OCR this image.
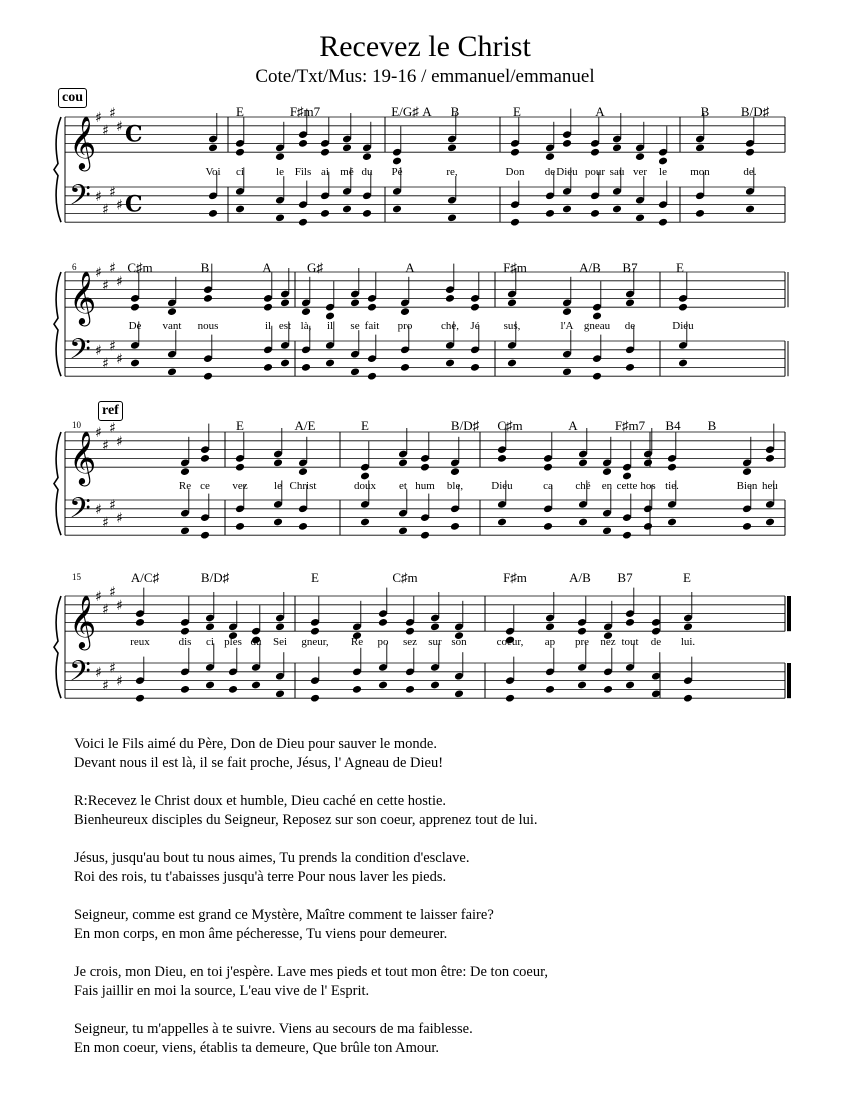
Recevez le Christ
Cote/Txt/Mus: 19-16 / emmanuel/emmanuel
𝄞
♯
♯
♯
♯ C
𝄢 ♯
♯
♯
♯ C
𝄞
♯
♯
♯
♯
𝄢 ♯
♯
♯
♯
𝄞
♯
♯
♯
♯
𝄢 ♯
♯
♯
♯
𝄞
♯
♯
♯
♯
𝄢 ♯
♯
♯
♯
E	F♯m7	E/G♯ A B	E	A	B B/D♯
Voi ci	le Fils ai mé du Pè	re,	Don de Dieu pour sau ver le mon	de.
C♯m	B	A	G♯	A	F♯m	A/B B7	E
De vant nous	il est là, il se fait pro	che, Jé sus,	l'A gneau de	Dieu
6
E	A/E	E	B/D♯ C♯m	A	F♯m7 B4 B
Re ce vez le Christ	doux et hum ble,	Dieu	ca ché en cette hos tie.	Bien heu
10
A/C♯	B/D♯	E	C♯m	F♯m	A/B B7	E
reux	dis ci ples du Sei gneur, Re po sez sur son	coeur, ap pre nez tout de lui.
15
cou
ref
Voici le Fils aimé du Père, Don de Dieu pour sauver le monde.
Devant nous il est là, il se fait proche, Jésus, l' Agneau de Dieu!
R:Recevez le Christ doux et humble, Dieu caché en cette hostie.
Bienheureux disciples du Seigneur, Reposez sur son coeur, apprenez tout de lui.
Jésus, jusqu'au bout tu nous aimes, Tu prends la condition d'esclave.
Roi des rois, tu t'abaisses jusqu'à terre Pour nous laver les pieds.
Seigneur, comme est grand ce Mystère, Maître comment te laisser faire?
En mon corps, en mon âme pécheresse, Tu viens pour demeurer.
Je crois, mon Dieu, en toi j'espère. Lave mes pieds et tout mon être: De ton coeur,
Fais jaillir en moi la source, L'eau vive de l' Esprit.
Seigneur, tu m'appelles à te suivre. Viens au secours de ma faiblesse.
En mon coeur, viens, établis ta demeure, Que brûle ton Amour.
